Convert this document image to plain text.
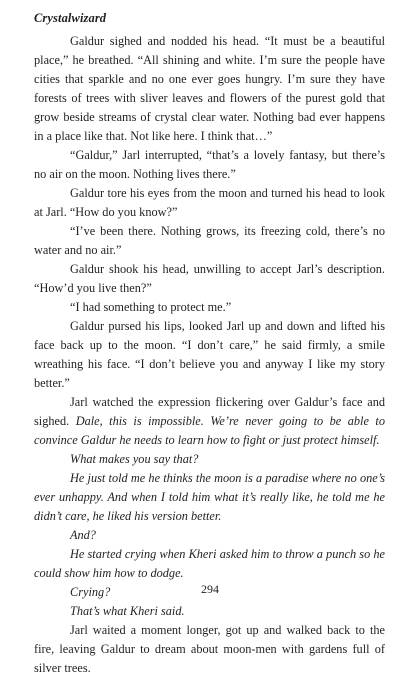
Crystalwizard

Galdur sighed and nodded his head. “It must be a beautiful place,” he breathed. “All shining and white. I’m sure the people have cities that sparkle and no one ever goes hungry. I’m sure they have forests of trees with sliver leaves and flowers of the purest gold that grow beside streams of crystal clear water. Nothing bad ever happens in a place like that. Not like here. I think that…”

“Galdur,” Jarl interrupted, “that’s a lovely fantasy, but there’s no air on the moon. Nothing lives there.”

Galdur tore his eyes from the moon and turned his head to look at Jarl. “How do you know?”

“I’ve been there. Nothing grows, its freezing cold, there’s no water and no air.”

Galdur shook his head, unwilling to accept Jarl’s description. “How’d you live then?”

“I had something to protect me.”

Galdur pursed his lips, looked Jarl up and down and lifted his face back up to the moon. “I don’t care,” he said firmly, a smile wreathing his face. “I don’t believe you and anyway I like my story better.”

Jarl watched the expression flickering over Galdur’s face and sighed. Dale, this is impossible. We’re never going to be able to convince Galdur he needs to learn how to fight or just protect himself.

What makes you say that?

He just told me he thinks the moon is a paradise where no one’s ever unhappy. And when I told him what it’s really like, he told me he didn’t care, he liked his version better.

And?

He started crying when Kheri asked him to throw a punch so he could show him how to dodge.

Crying?

That’s what Kheri said.

Jarl waited a moment longer, got up and walked back to the fire, leaving Galdur to dream about moon-men with gardens full of silver trees.

294
